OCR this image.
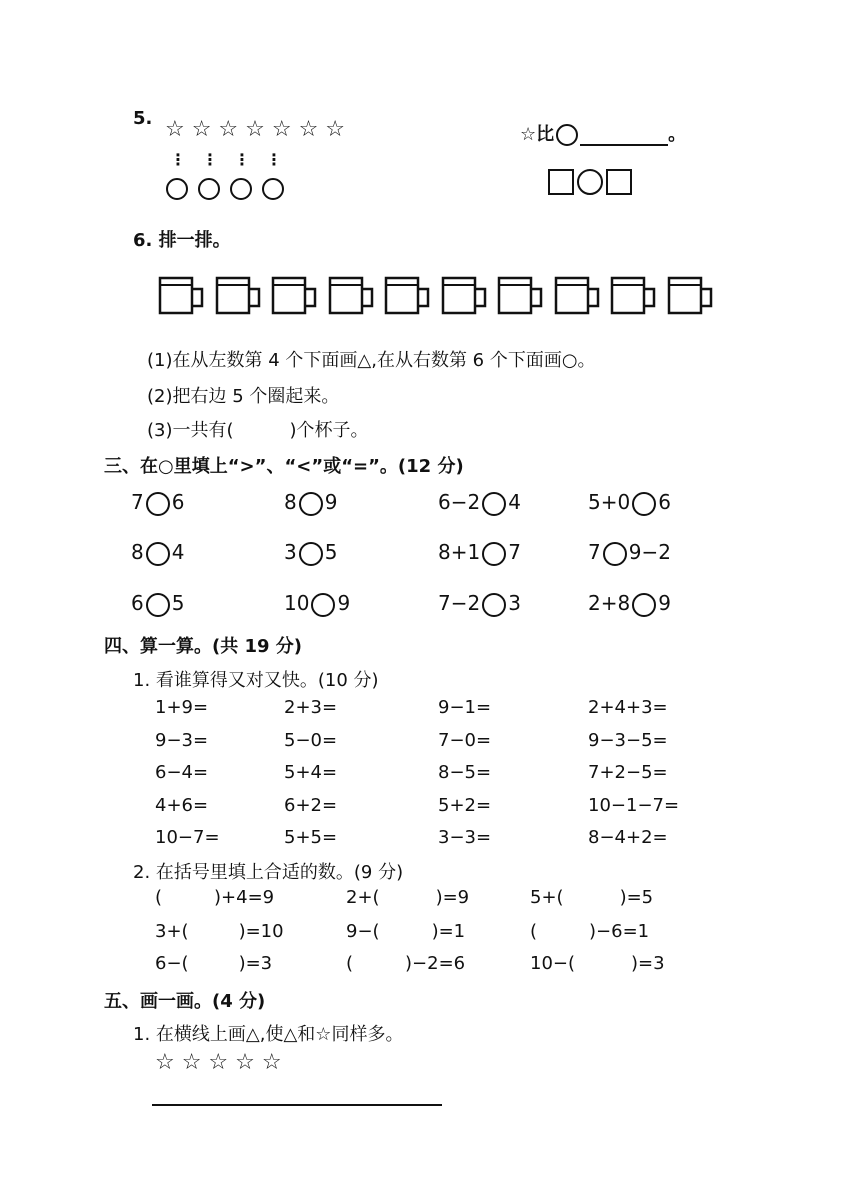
5. ☆ ☆ ☆ ☆ ☆ ☆ ☆
⋮ ⋮ ⋮ ⋮
☆比	。
6. 排一排。
(1)在从左数第 4 个下面画△,在从右数第 6 个下面画○。
(2)把右边 5 个圈起来。
(3)一共有(	)个杯子。
三、在○里填上“>”、“<”或“=”。(12 分)
7 6	8 9	6−2 4	5+0 6
8 4	3 5	8+1 7	7 9−2
6 5	10 9	7−2 3	2+8 9
四、算一算。(共 19 分)
1. 看谁算得又对又快。(10 分)
1+9=	2+3=	9−1=	2+4+3=
9−3=	5−0=	7−0=	9−3−5=
6−4=	5+4=	8−5=	7+2−5=
4+6=	6+2=	5+2=	10−1−7=
10−7=	5+5=	3−3=	8−4+2=
2. 在括号里填上合适的数。(9 分)
(	)+4=9	2+(	)=9	5+(	)=5
3+(	)=10	9−(	)=1	(	)−6=1
6−(	)=3	(	)−2=6	10−(	)=3
五、画一画。(4 分)
1. 在横线上画△,使△和☆同样多。
☆ ☆ ☆ ☆ ☆
